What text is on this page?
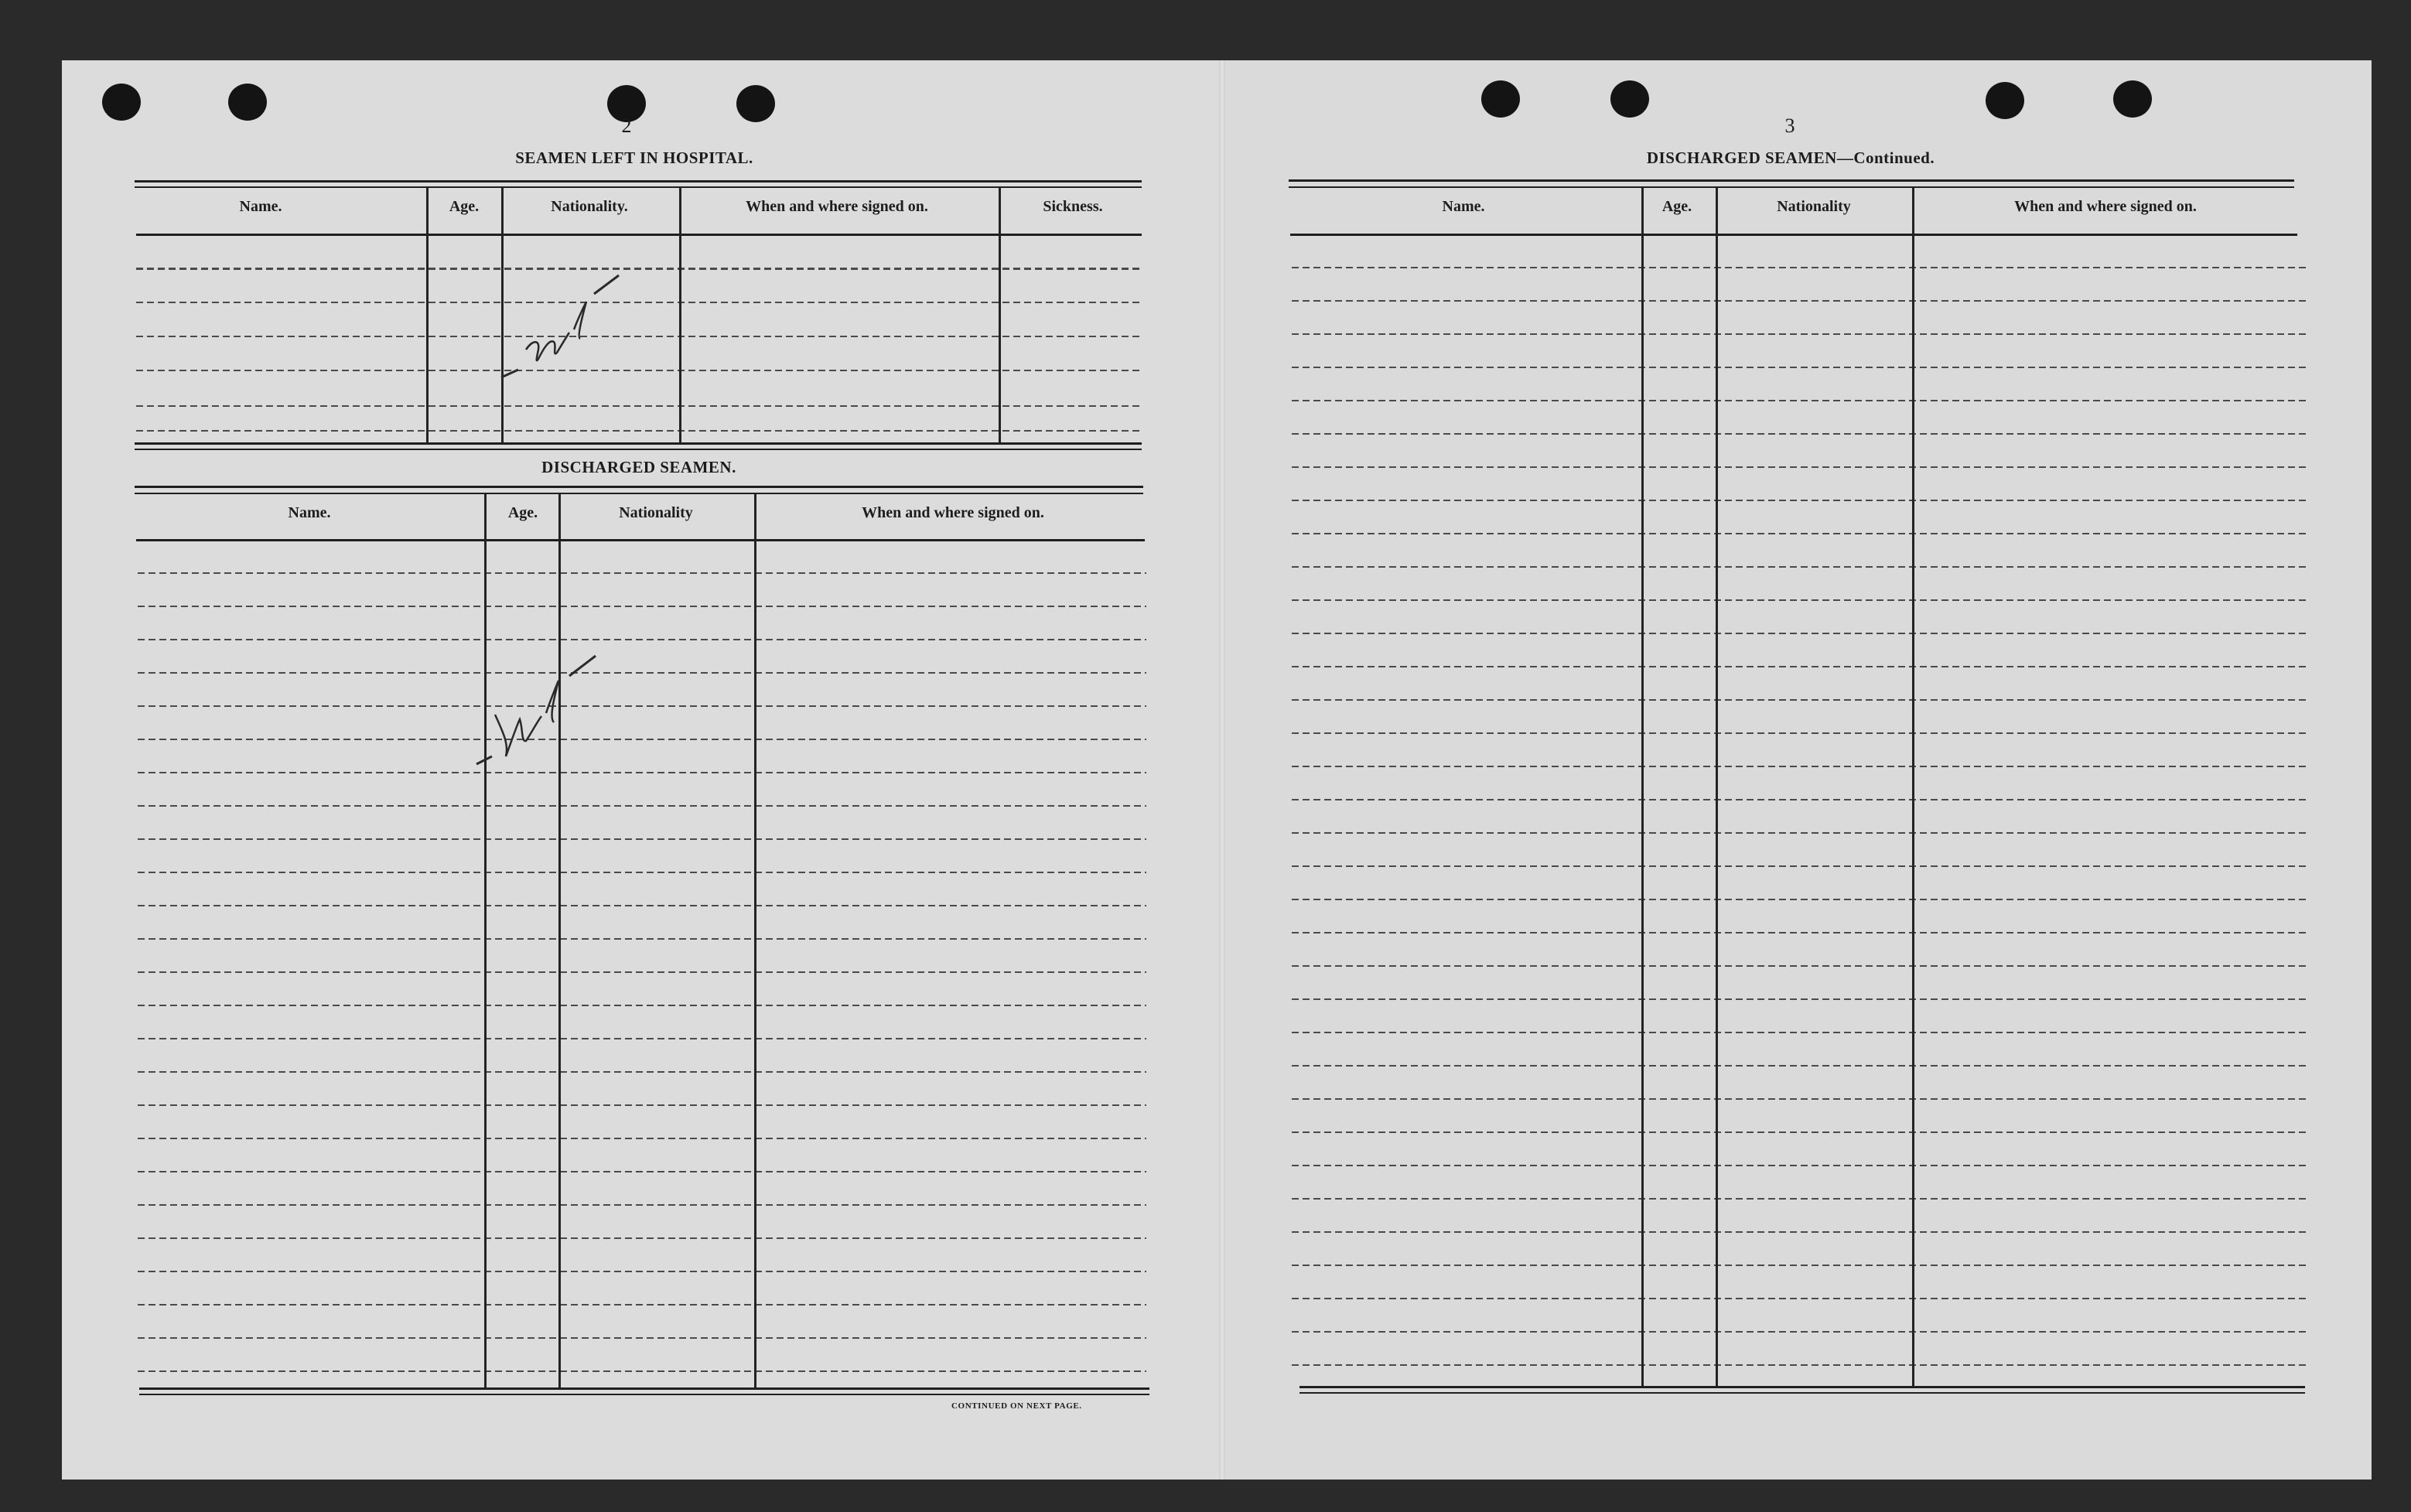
2
SEAMEN LEFT IN HOSPITAL.
Name.	Age.	Nationality.	When and where signed on.	Sickness.
nil
DISCHARGED SEAMEN.
Name.	Age.	Nationality	When and where signed on.
nil
CONTINUED ON NEXT PAGE.
3
DISCHARGED SEAMEN—Continued.
Name.	Age.	Nationality	When and where signed on.
